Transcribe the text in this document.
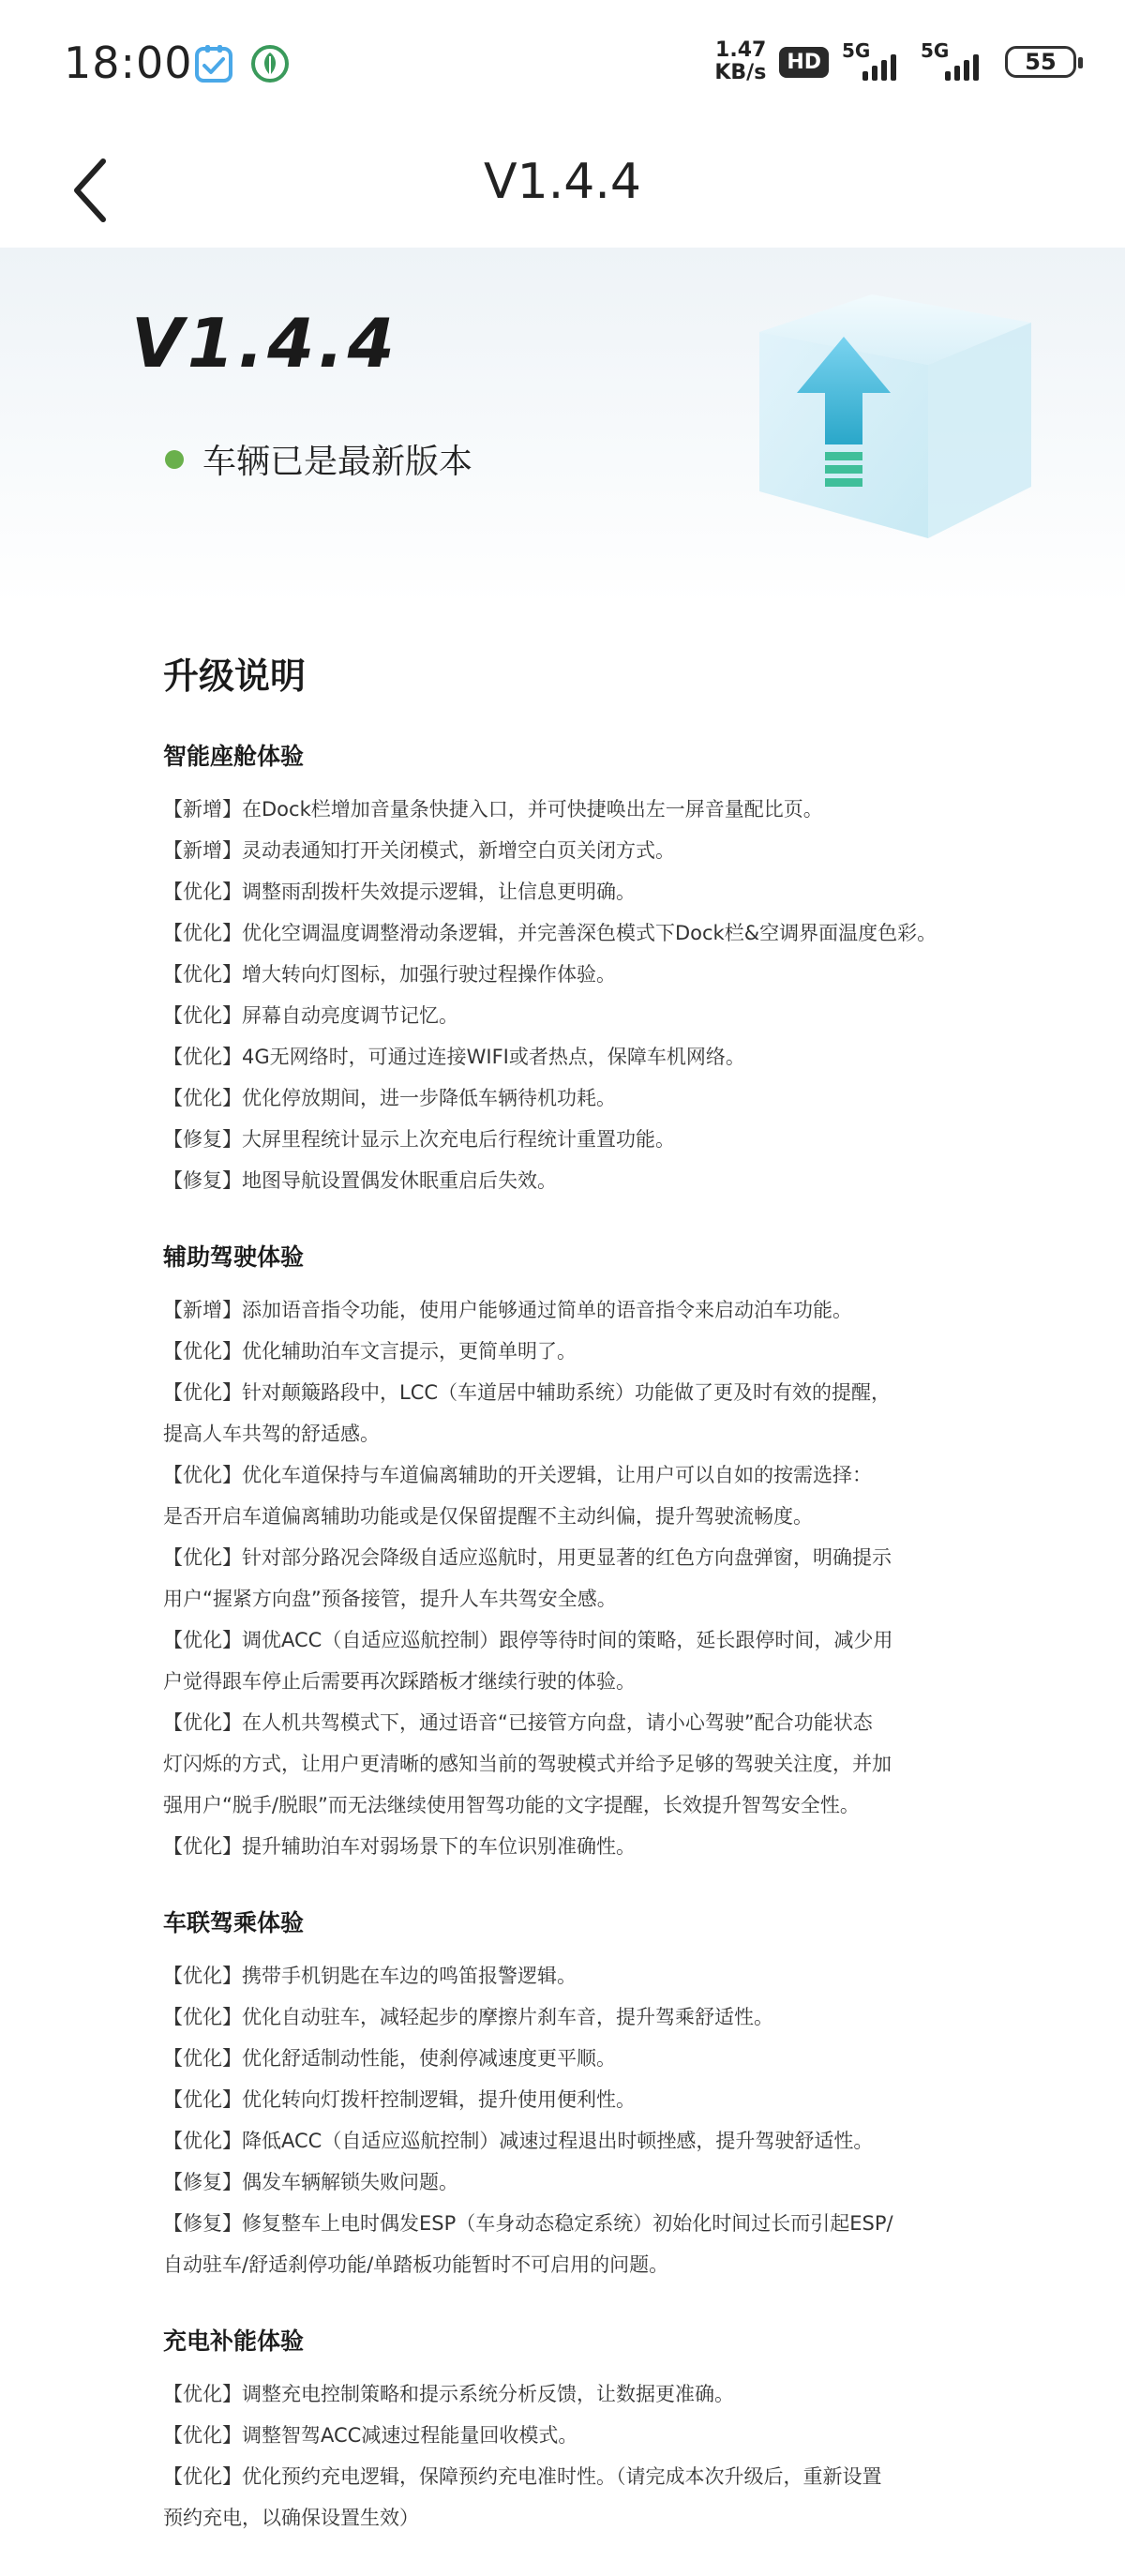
18:00	1.47
KB/s	HD	5G	5G	55
V1.4.4
V1.4.4
车辆已是最新版本
升级说明
智能座舱体验
【新增】在Dock栏增加音量条快捷入口，并可快捷唤出左一屏音量配比页。
【新增】灵动表通知打开关闭模式，新增空白页关闭方式。
【优化】调整雨刮拨杆失效提示逻辑，让信息更明确。
【优化】优化空调温度调整滑动条逻辑，并完善深色模式下Dock栏&空调界面温度色彩。
【优化】增大转向灯图标，加强行驶过程操作体验。
【优化】屏幕自动亮度调节记忆。
【优化】4G无网络时，可通过连接WIFI或者热点，保障车机网络。
【优化】优化停放期间，进一步降低车辆待机功耗。
【修复】大屏里程统计显示上次充电后行程统计重置功能。
【修复】地图导航设置偶发休眠重启后失效。
辅助驾驶体验
【新增】添加语音指令功能，使用户能够通过简单的语音指令来启动泊车功能。
【优化】优化辅助泊车文言提示，更简单明了。
【优化】针对颠簸路段中，LCC（车道居中辅助系统）功能做了更及时有效的提醒，
提高人车共驾的舒适感。
【优化】优化车道保持与车道偏离辅助的开关逻辑，让用户可以自如的按需选择：
是否开启车道偏离辅助功能或是仅保留提醒不主动纠偏，提升驾驶流畅度。
【优化】针对部分路况会降级自适应巡航时，用更显著的红色方向盘弹窗，明确提示
用户“握紧方向盘”预备接管，提升人车共驾安全感。
【优化】调优ACC（自适应巡航控制）跟停等待时间的策略，延长跟停时间，减少用
户觉得跟车停止后需要再次踩踏板才继续行驶的体验。
【优化】在人机共驾模式下，通过语音“已接管方向盘，请小心驾驶”配合功能状态
灯闪烁的方式，让用户更清晰的感知当前的驾驶模式并给予足够的驾驶关注度，并加
强用户“脱手/脱眼”而无法继续使用智驾功能的文字提醒，长效提升智驾安全性。
【优化】提升辅助泊车对弱场景下的车位识别准确性。
车联驾乘体验
【优化】携带手机钥匙在车边的鸣笛报警逻辑。
【优化】优化自动驻车，减轻起步的摩擦片刹车音，提升驾乘舒适性。
【优化】优化舒适制动性能，使刹停减速度更平顺。
【优化】优化转向灯拨杆控制逻辑，提升使用便利性。
【优化】降低ACC（自适应巡航控制）减速过程退出时顿挫感，提升驾驶舒适性。
【修复】偶发车辆解锁失败问题。
【修复】修复整车上电时偶发ESP（车身动态稳定系统）初始化时间过长而引起ESP/
自动驻车/舒适刹停功能/单踏板功能暂时不可启用的问题。
充电补能体验
【优化】调整充电控制策略和提示系统分析反馈，让数据更准确。
【优化】调整智驾ACC减速过程能量回收模式。
【优化】优化预约充电逻辑，保障预约充电准时性。（请完成本次升级后，重新设置
预约充电，以确保设置生效）
